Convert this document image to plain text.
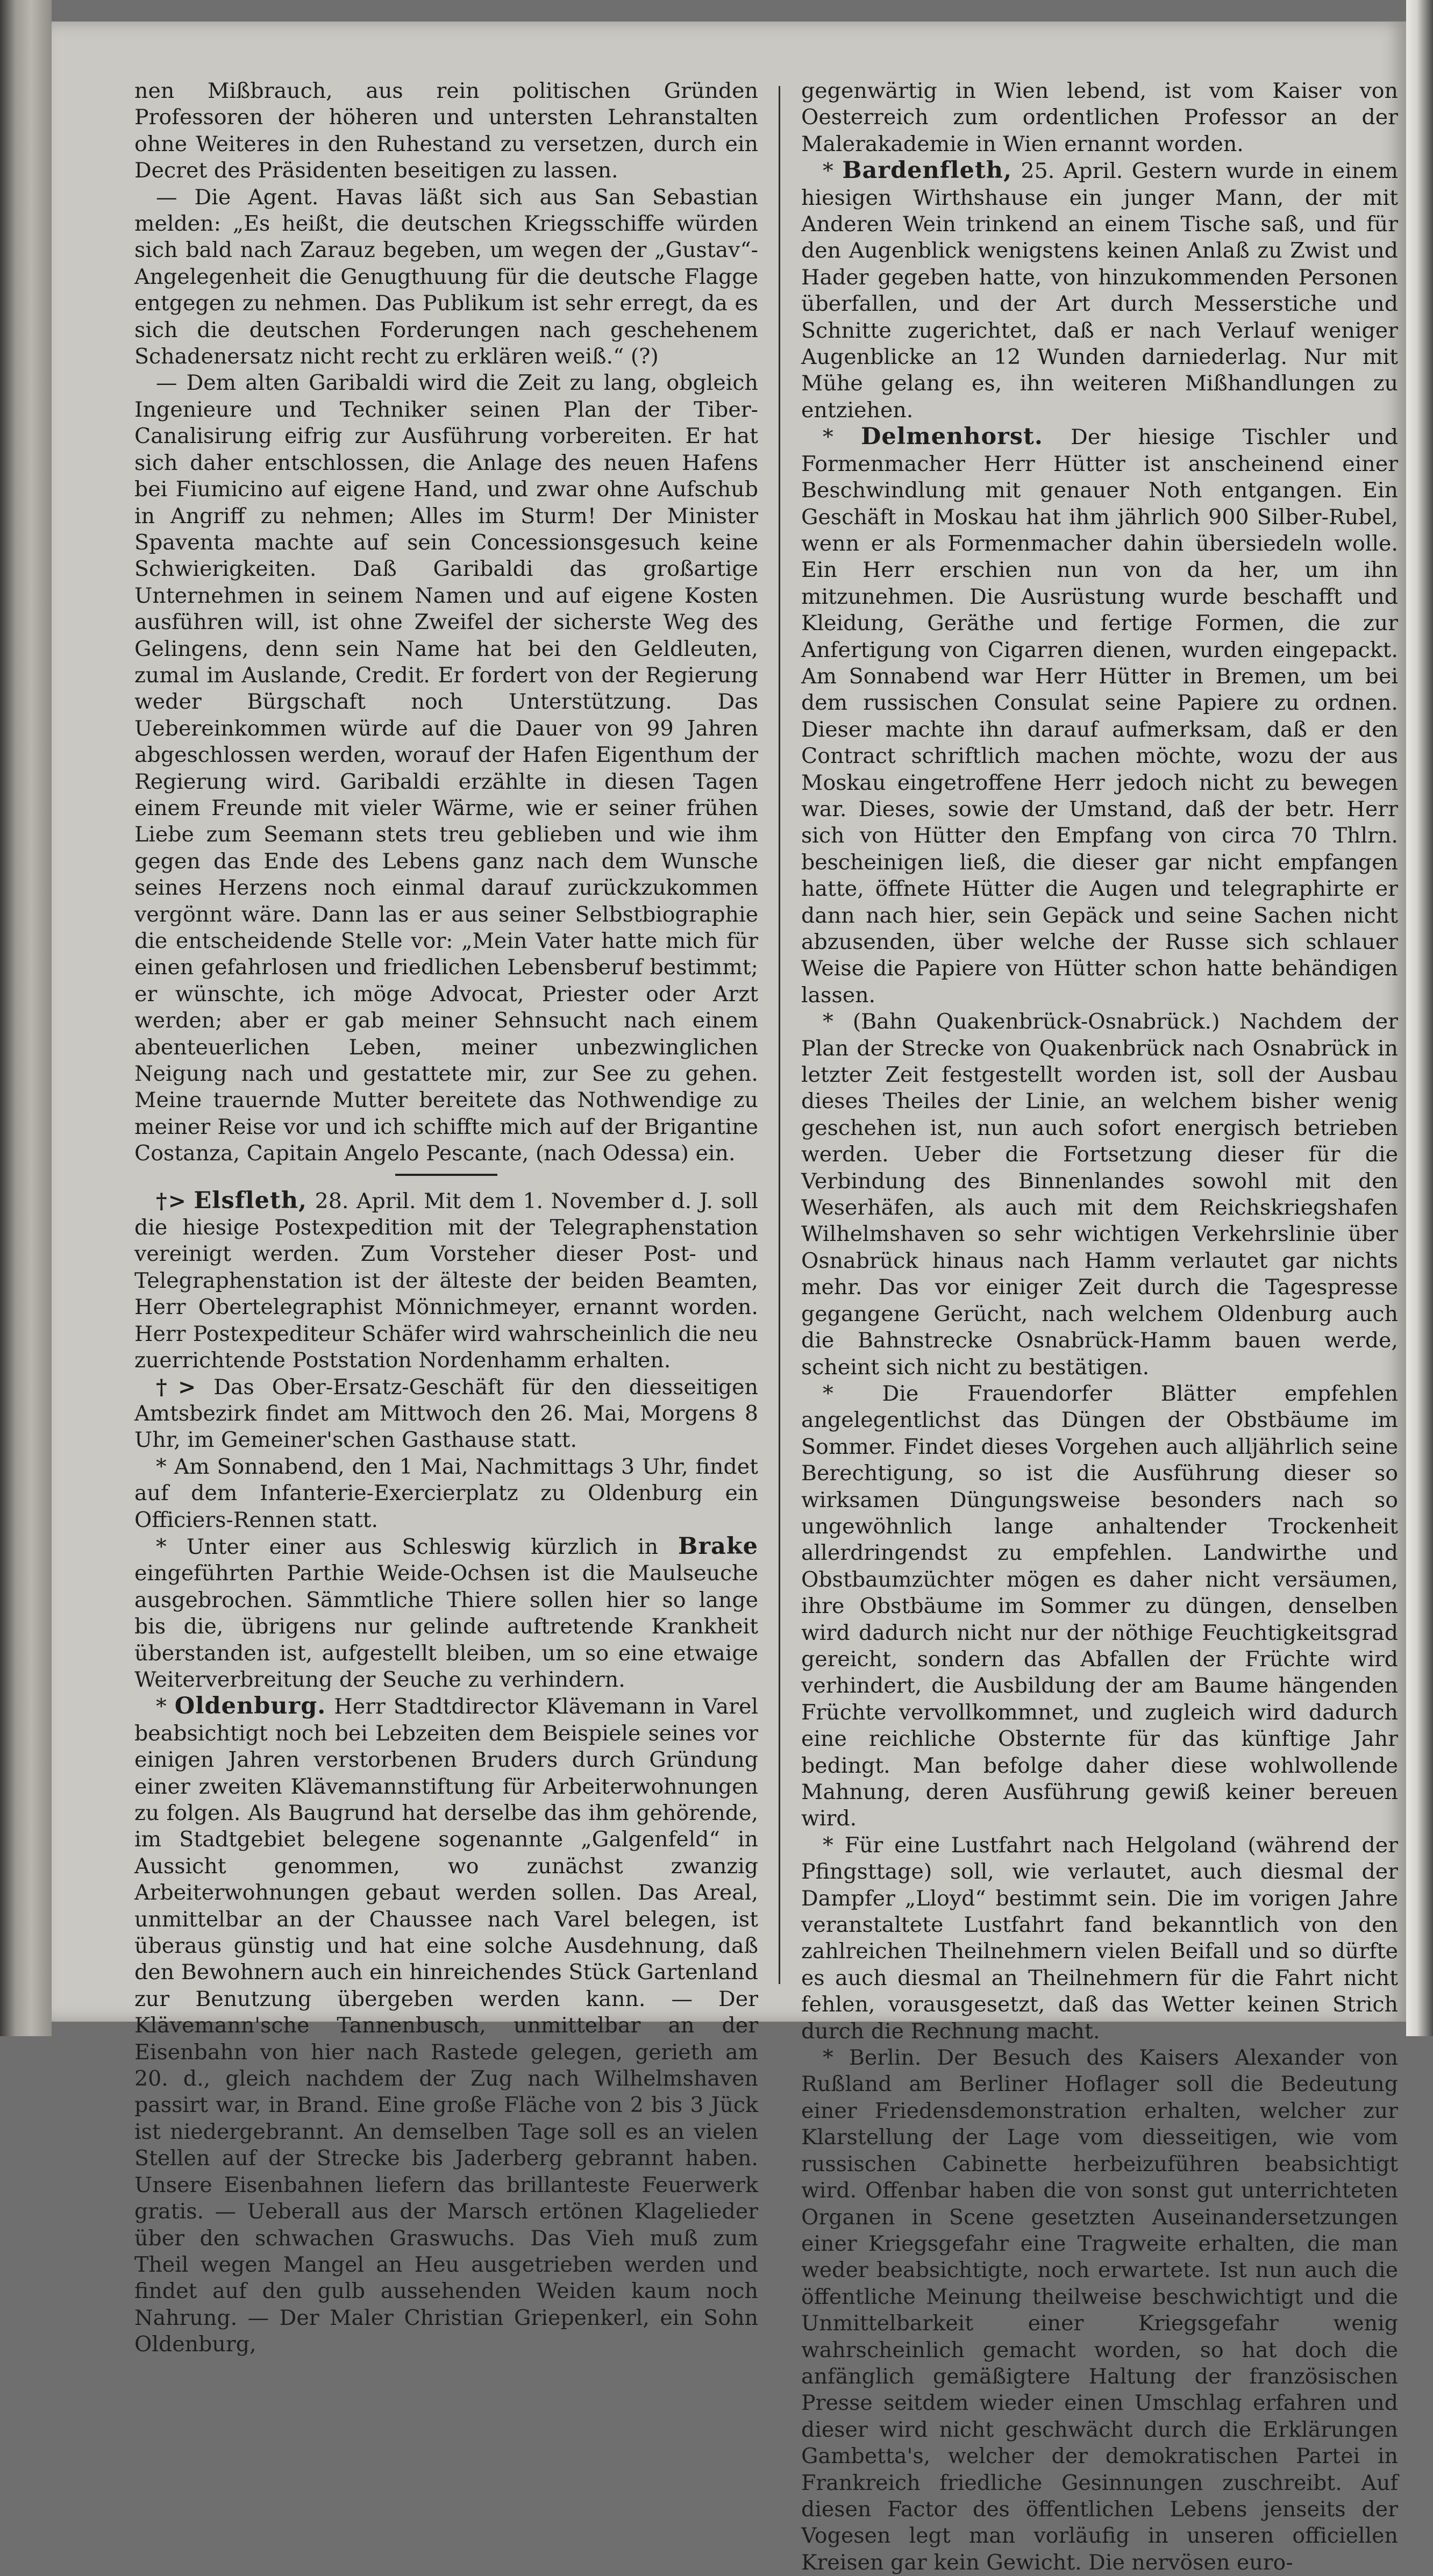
nen Mißbrauch, aus rein politischen Gründen Professoren der höheren und untersten Lehranstalten ohne Weiteres in den Ruhestand zu versetzen, durch ein Decret des Präsidenten beseitigen zu lassen.

— Die Agent. Havas läßt sich aus San Sebastian melden: „Es heißt, die deutschen Kriegsschiffe würden sich bald nach Zarauz begeben, um wegen der „Gustav“-Angelegenheit die Genugthuung für die deutsche Flagge entgegen zu nehmen. Das Publikum ist sehr erregt, da es sich die deutschen Forderungen nach geschehenem Schadenersatz nicht recht zu erklären weiß.“ (?)

— Dem alten Garibaldi wird die Zeit zu lang, obgleich Ingenieure und Techniker seinen Plan der Tiber-Canalisirung eifrig zur Ausführung vorbereiten. Er hat sich daher entschlossen, die Anlage des neuen Hafens bei Fiumicino auf eigene Hand, und zwar ohne Aufschub in Angriff zu nehmen; Alles im Sturm! Der Minister Spaventa machte auf sein Concessionsgesuch keine Schwierigkeiten. Daß Garibaldi das großartige Unternehmen in seinem Namen und auf eigene Kosten ausführen will, ist ohne Zweifel der sicherste Weg des Gelingens, denn sein Name hat bei den Geldleuten, zumal im Auslande, Credit. Er fordert von der Regierung weder Bürgschaft noch Unterstützung. Das Uebereinkommen würde auf die Dauer von 99 Jahren abgeschlossen werden, worauf der Hafen Eigenthum der Regierung wird. Garibaldi erzählte in diesen Tagen einem Freunde mit vieler Wärme, wie er seiner frühen Liebe zum Seemann stets treu geblieben und wie ihm gegen das Ende des Lebens ganz nach dem Wunsche seines Herzens noch einmal darauf zurückzukommen vergönnt wäre. Dann las er aus seiner Selbstbiographie die entscheidende Stelle vor: „Mein Vater hatte mich für einen gefahrlosen und friedlichen Lebensberuf bestimmt; er wünschte, ich möge Advocat, Priester oder Arzt werden; aber er gab meiner Sehnsucht nach einem abenteuerlichen Leben, meiner unbezwinglichen Neigung nach und gestattete mir, zur See zu gehen. Meine trauernde Mutter bereitete das Nothwendige zu meiner Reise vor und ich schiffte mich auf der Brigantine Costanza, Capitain Angelo Pescante, (nach Odessa) ein.

†> Elsfleth, 28. April. Mit dem 1. November d. J. soll die hiesige Postexpedition mit der Telegraphenstation vereinigt werden. Zum Vorsteher dieser Post- und Telegraphenstation ist der älteste der beiden Beamten, Herr Obertelegraphist Mönnichmeyer, ernannt worden. Herr Postexpediteur Schäfer wird wahrscheinlich die neu zuerrichtende Poststation Nordenhamm erhalten.

†> Das Ober-Ersatz-Geschäft für den diesseitigen Amtsbezirk findet am Mittwoch den 26. Mai, Morgens 8 Uhr, im Gemeiner'schen Gasthause statt.

* Am Sonnabend, den 1 Mai, Nachmittags 3 Uhr, findet auf dem Infanterie-Exercierplatz zu Oldenburg ein Officiers-Rennen statt.

* Unter einer aus Schleswig kürzlich in Brake eingeführten Parthie Weide-Ochsen ist die Maulseuche ausgebrochen. Sämmtliche Thiere sollen hier so lange bis die, übrigens nur gelinde auftretende Krankheit überstanden ist, aufgestellt bleiben, um so eine etwaige Weiterverbreitung der Seuche zu verhindern.

* Oldenburg. Herr Stadtdirector Klävemann in Varel beabsichtigt noch bei Lebzeiten dem Beispiele seines vor einigen Jahren verstorbenen Bruders durch Gründung einer zweiten Klävemannstiftung für Arbeiterwohnungen zu folgen. Als Baugrund hat derselbe das ihm gehörende, im Stadtgebiet belegene sogenannte „Galgenfeld“ in Aussicht genommen, wo zunächst zwanzig Arbeiterwohnungen gebaut werden sollen. Das Areal, unmittelbar an der Chaussee nach Varel belegen, ist überaus günstig und hat eine solche Ausdehnung, daß den Bewohnern auch ein hinreichendes Stück Gartenland zur Benutzung übergeben werden kann. — Der Klävemann'sche Tannenbusch, unmittelbar an der Eisenbahn von hier nach Rastede gelegen, gerieth am 20. d., gleich nachdem der Zug nach Wilhelmshaven passirt war, in Brand. Eine große Fläche von 2 bis 3 Jück ist niedergebrannt. An demselben Tage soll es an vielen Stellen auf der Strecke bis Jaderberg gebrannt haben. Unsere Eisenbahnen liefern das brillanteste Feuerwerk gratis. — Ueberall aus der Marsch ertönen Klagelieder über den schwachen Graswuchs. Das Vieh muß zum Theil wegen Mangel an Heu ausgetrieben werden und findet auf den gulb aussehenden Weiden kaum noch Nahrung. — Der Maler Christian Griepenkerl, ein Sohn Oldenburg,

gegenwärtig in Wien lebend, ist vom Kaiser von Oesterreich zum ordentlichen Professor an der Malerakademie in Wien ernannt worden.

* Bardenfleth, 25. April. Gestern wurde in einem hiesigen Wirthshause ein junger Mann, der mit Anderen Wein trinkend an einem Tische saß, und für den Augenblick wenigstens keinen Anlaß zu Zwist und Hader gegeben hatte, von hinzukommenden Personen überfallen, und der Art durch Messerstiche und Schnitte zugerichtet, daß er nach Verlauf weniger Augenblicke an 12 Wunden darniederlag. Nur mit Mühe gelang es, ihn weiteren Mißhandlungen zu entziehen.

* Delmenhorst. Der hiesige Tischler und Formenmacher Herr Hütter ist anscheinend einer Beschwindlung mit genauer Noth entgangen. Ein Geschäft in Moskau hat ihm jährlich 900 Silber-Rubel, wenn er als Formenmacher dahin übersiedeln wolle. Ein Herr erschien nun von da her, um ihn mitzunehmen. Die Ausrüstung wurde beschafft und Kleidung, Geräthe und fertige Formen, die zur Anfertigung von Cigarren dienen, wurden eingepackt. Am Sonnabend war Herr Hütter in Bremen, um bei dem russischen Consulat seine Papiere zu ordnen. Dieser machte ihn darauf aufmerksam, daß er den Contract schriftlich machen möchte, wozu der aus Moskau eingetroffene Herr jedoch nicht zu bewegen war. Dieses, sowie der Umstand, daß der betr. Herr sich von Hütter den Empfang von circa 70 Thlrn. bescheinigen ließ, die dieser gar nicht empfangen hatte, öffnete Hütter die Augen und telegraphirte er dann nach hier, sein Gepäck und seine Sachen nicht abzusenden, über welche der Russe sich schlauer Weise die Papiere von Hütter schon hatte behändigen lassen.

* (Bahn Quakenbrück-Osnabrück.) Nachdem der Plan der Strecke von Quakenbrück nach Osnabrück in letzter Zeit festgestellt worden ist, soll der Ausbau dieses Theiles der Linie, an welchem bisher wenig geschehen ist, nun auch sofort energisch betrieben werden. Ueber die Fortsetzung dieser für die Verbindung des Binnenlandes sowohl mit den Weserhäfen, als auch mit dem Reichskriegshafen Wilhelmshaven so sehr wichtigen Verkehrslinie über Osnabrück hinaus nach Hamm verlautet gar nichts mehr. Das vor einiger Zeit durch die Tagespresse gegangene Gerücht, nach welchem Oldenburg auch die Bahnstrecke Osnabrück-Hamm bauen werde, scheint sich nicht zu bestätigen.

* Die Frauendorfer Blätter empfehlen angelegentlichst das Düngen der Obstbäume im Sommer. Findet dieses Vorgehen auch alljährlich seine Berechtigung, so ist die Ausführung dieser so wirksamen Düngungsweise besonders nach so ungewöhnlich lange anhaltender Trockenheit allerdringendst zu empfehlen. Landwirthe und Obstbaumzüchter mögen es daher nicht versäumen, ihre Obstbäume im Sommer zu düngen, denselben wird dadurch nicht nur der nöthige Feuchtigkeitsgrad gereicht, sondern das Abfallen der Früchte wird verhindert, die Ausbildung der am Baume hängenden Früchte vervollkommnet, und zugleich wird dadurch eine reichliche Obsternte für das künftige Jahr bedingt. Man befolge daher diese wohlwollende Mahnung, deren Ausführung gewiß keiner bereuen wird.

* Für eine Lustfahrt nach Helgoland (während der Pfingsttage) soll, wie verlautet, auch diesmal der Dampfer „Lloyd“ bestimmt sein. Die im vorigen Jahre veranstaltete Lustfahrt fand bekanntlich von den zahlreichen Theilnehmern vielen Beifall und so dürfte es auch diesmal an Theilnehmern für die Fahrt nicht fehlen, vorausgesetzt, daß das Wetter keinen Strich durch die Rechnung macht.

* Berlin. Der Besuch des Kaisers Alexander von Rußland am Berliner Hoflager soll die Bedeutung einer Friedensdemonstration erhalten, welcher zur Klarstellung der Lage vom diesseitigen, wie vom russischen Cabinette herbeizuführen beabsichtigt wird. Offenbar haben die von sonst gut unterrichteten Organen in Scene gesetzten Auseinandersetzungen einer Kriegsgefahr eine Tragweite erhalten, die man weder beabsichtigte, noch erwartete. Ist nun auch die öffentliche Meinung theilweise beschwichtigt und die Unmittelbarkeit einer Kriegsgefahr wenig wahrscheinlich gemacht worden, so hat doch die anfänglich gemäßigtere Haltung der französischen Presse seitdem wieder einen Umschlag erfahren und dieser wird nicht geschwächt durch die Erklärungen Gambetta's, welcher der demokratischen Partei in Frankreich friedliche Gesinnungen zuschreibt. Auf diesen Factor des öffentlichen Lebens jenseits der Vogesen legt man vorläufig in unseren officiellen Kreisen gar kein Gewicht. Die nervösen euro-
